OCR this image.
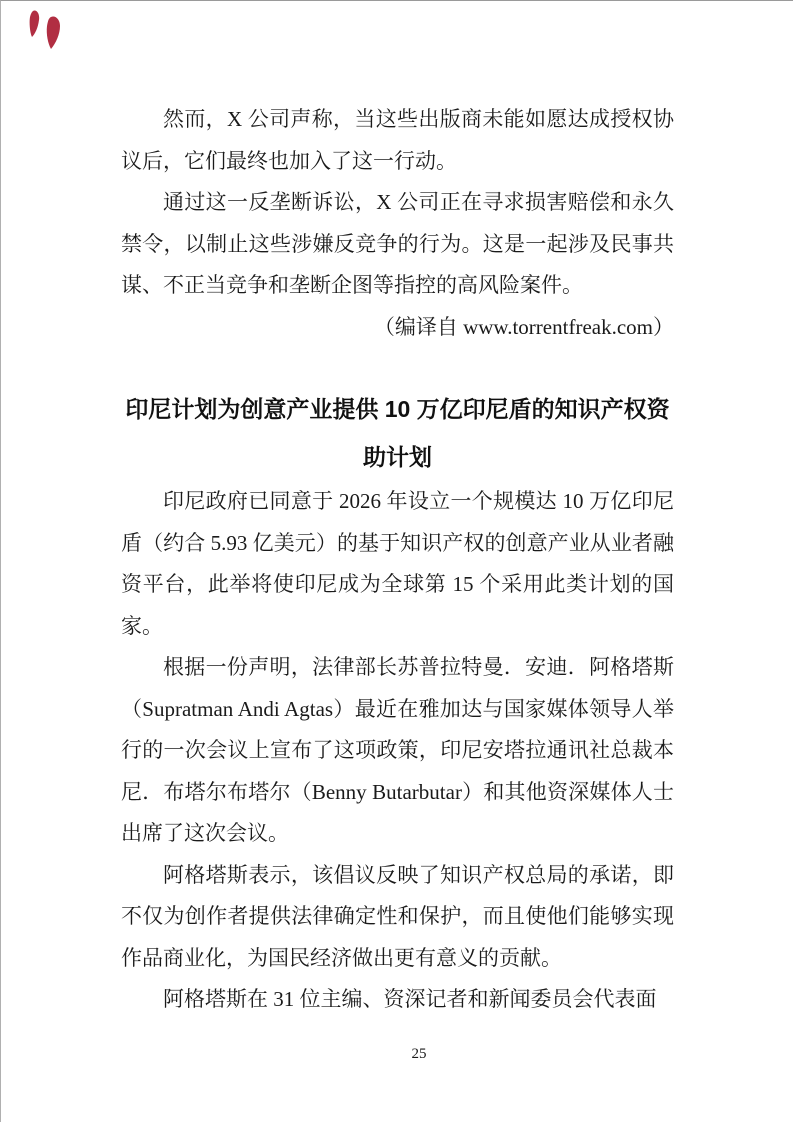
然而，X 公司声称，当这些出版商未能如愿达成授权协议后，它们最终也加入了这一行动。

通过这一反垄断诉讼，X 公司正在寻求损害赔偿和永久禁令，以制止这些涉嫌反竞争的行为。这是一起涉及民事共谋、不正当竞争和垄断企图等指控的高风险案件。

（编译自 www.torrentfreak.com）

印尼计划为创意产业提供 10 万亿印尼盾的知识产权资助计划

印尼政府已同意于 2026 年设立一个规模达 10 万亿印尼盾（约合 5.93 亿美元）的基于知识产权的创意产业从业者融资平台，此举将使印尼成为全球第 15 个采用此类计划的国家。

根据一份声明，法律部长苏普拉特曼．安迪．阿格塔斯（Supratman Andi Agtas）最近在雅加达与国家媒体领导人举行的一次会议上宣布了这项政策，印尼安塔拉通讯社总裁本尼．布塔尔布塔尔（Benny Butarbutar）和其他资深媒体人士出席了这次会议。

阿格塔斯表示，该倡议反映了知识产权总局的承诺，即不仅为创作者提供法律确定性和保护，而且使他们能够实现作品商业化，为国民经济做出更有意义的贡献。

阿格塔斯在 31 位主编、资深记者和新闻委员会代表面

25
